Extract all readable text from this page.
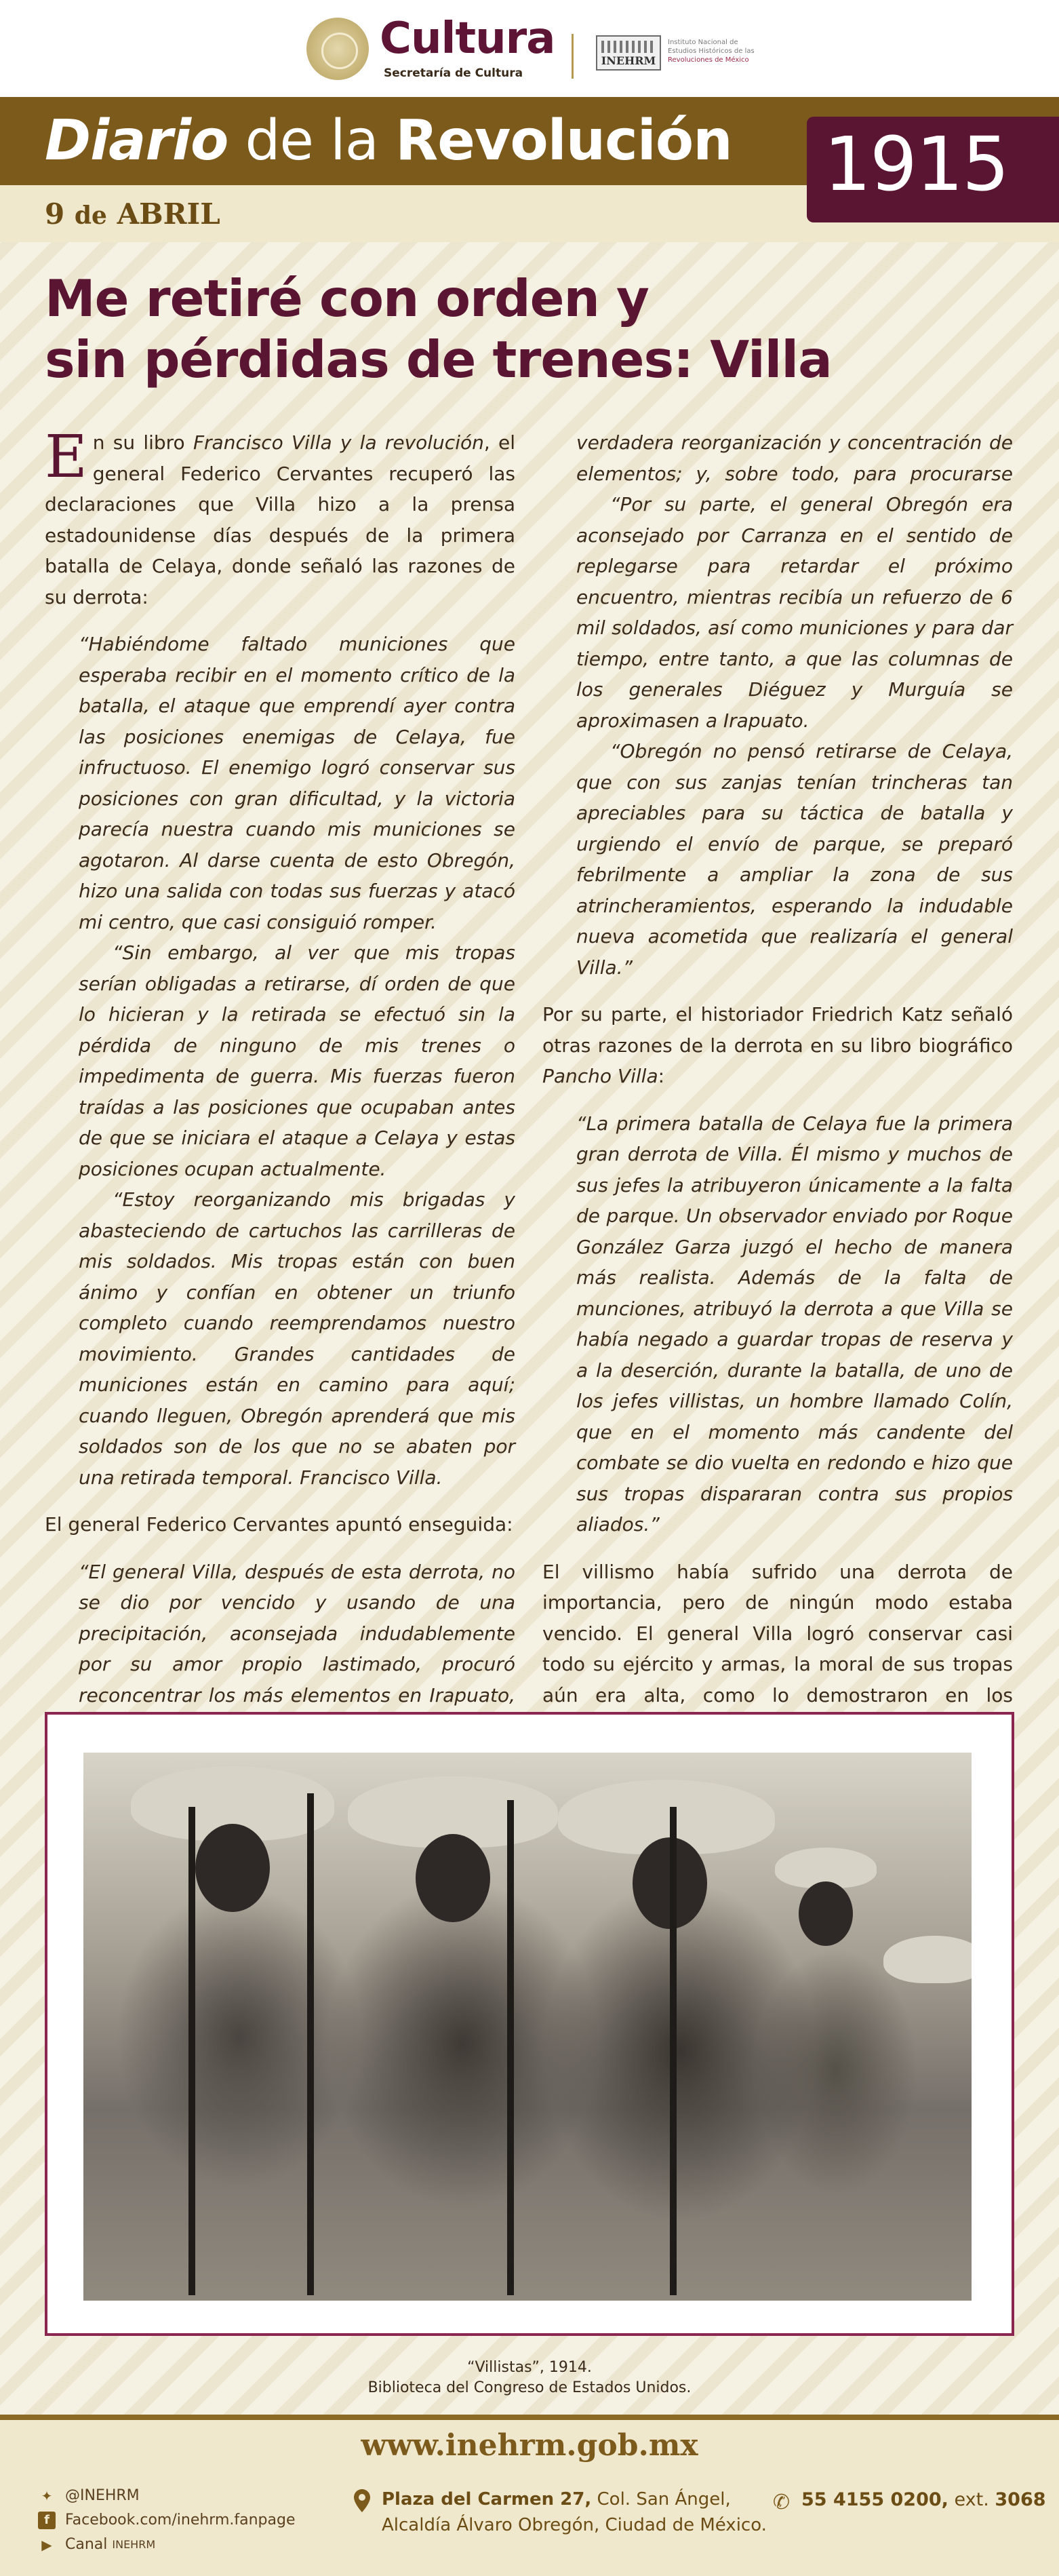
Cultura
Secretaría de Cultura
INEHRM
Instituto Nacional de
Estudios Históricos de las
Revoluciones de México
Diario de la Revolución 1915
9 de ABRIL
Me retiré con orden y
sin pérdidas de trenes: Villa

En su libro Francisco Villa y la revolución, el general Federico Cervantes recuperó las declaraciones que Villa hizo a la prensa estadounidense días después de la primera batalla de Celaya, donde señaló las razones de su derrota:

“Habiéndome faltado municiones que esperaba recibir en el momento crítico de la batalla, el ataque que emprendí ayer contra las posiciones enemigas de Celaya, fue infructuoso. El enemigo logró conservar sus posiciones con gran dificultad, y la victoria parecía nuestra cuando mis municiones se agotaron. Al darse cuenta de esto Obregón, hizo una salida con todas sus fuerzas y atacó mi centro, que casi consiguió romper.

“Sin embargo, al ver que mis tropas serían obligadas a retirarse, dí orden de que lo hicieran y la retirada se efectuó sin la pérdida de ninguno de mis trenes o impedimenta de guerra. Mis fuerzas fueron traídas a las posiciones que ocupaban antes de que se iniciara el ataque a Celaya y estas posiciones ocupan actualmente.

“Estoy reorganizando mis brigadas y abasteciendo de cartuchos las carrilleras de mis soldados. Mis tropas están con buen ánimo y confían en obtener un triunfo completo cuando reemprendamos nuestro movimiento. Grandes cantidades de municiones están en camino para aquí; cuando lleguen, Obregón aprenderá que mis soldados son de los que no se abaten por una retirada temporal. Francisco Villa.

El general Federico Cervantes apuntó enseguida:

“El general Villa, después de esta derrota, no se dio por vencido y usando de una precipitación, aconsejada indudablemente por su amor propio lastimado, procuró reconcentrar los más elementos en Irapuato,

verdadera reorganización y concentración de elementos; y, sobre todo, para procurarse

“Por su parte, el general Obregón era aconsejado por Carranza en el sentido de replegarse para retardar el próximo encuentro, mientras recibía un refuerzo de 6 mil soldados, así como municiones y para dar tiempo, entre tanto, a que las columnas de los generales Diéguez y Murguía se aproximasen a Irapuato.

“Obregón no pensó retirarse de Celaya, que con sus zanjas tenían trincheras tan apreciables para su táctica de batalla y urgiendo el envío de parque, se preparó febrilmente a ampliar la zona de sus atrincheramientos, esperando la indudable nueva acometida que realizaría el general Villa.”

Por su parte, el historiador Friedrich Katz señaló otras razones de la derrota en su libro biográfico Pancho Villa:

“La primera batalla de Celaya fue la primera gran derrota de Villa. Él mismo y muchos de sus jefes la atribuyeron únicamente a la falta de parque. Un observador enviado por Roque González Garza juzgó el hecho de manera más realista. Además de la falta de munciones, atribuyó la derrota a que Villa se había negado a guardar tropas de reserva y a la deserción, durante la batalla, de uno de los jefes villistas, un hombre llamado Colín, que en el momento más candente del combate se dio vuelta en redondo e hizo que sus tropas dispararan contra sus propios aliados.”

El villismo había sufrido una derrota de importancia, pero de ningún modo estaba vencido. El general Villa logró conservar casi todo su ejército y armas, la moral de sus tropas aún era alta, como lo demostraron en los

“Villistas”, 1914.
Biblioteca del Congreso de Estados Unidos.
www.inehrm.gob.mx
✦ @INEHRM
f	Facebook.com/inehrm.fanpage
▶ Canal INEHRM
Plaza del Carmen 27, Col. San Ángel,
Alcaldía Álvaro Obregón, Ciudad de México.
✆ 55 4155 0200, ext. 3068
